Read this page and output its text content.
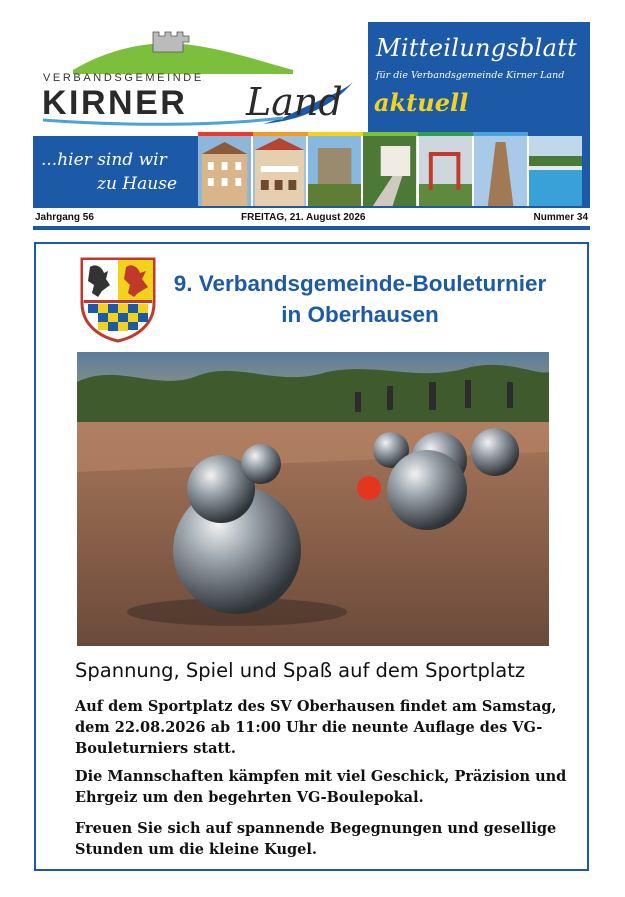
VERBANDSGEMEINDE
KIRNER Land
Mitteilungsblatt
für die Verbandsgemeinde Kirner Land
aktuell
...hier sind wir
zu Hause
Jahrgang 56	FREITAG, 21. August 2026	Nummer 34
9. Verbandsgemeinde-Bouleturnier
in Oberhausen
Spannung, Spiel und Spaß auf dem Sportplatz
Auf dem Sportplatz des SV Oberhausen findet am Samstag, dem 22.08.2026 ab 11:00 Uhr die neunte Auflage des VG-Bouleturniers statt.
Die Mannschaften kämpfen mit viel Geschick, Präzision und Ehrgeiz um den begehrten VG-Boulepokal.
Freuen Sie sich auf spannende Begegnungen und gesellige Stunden um die kleine Kugel.
